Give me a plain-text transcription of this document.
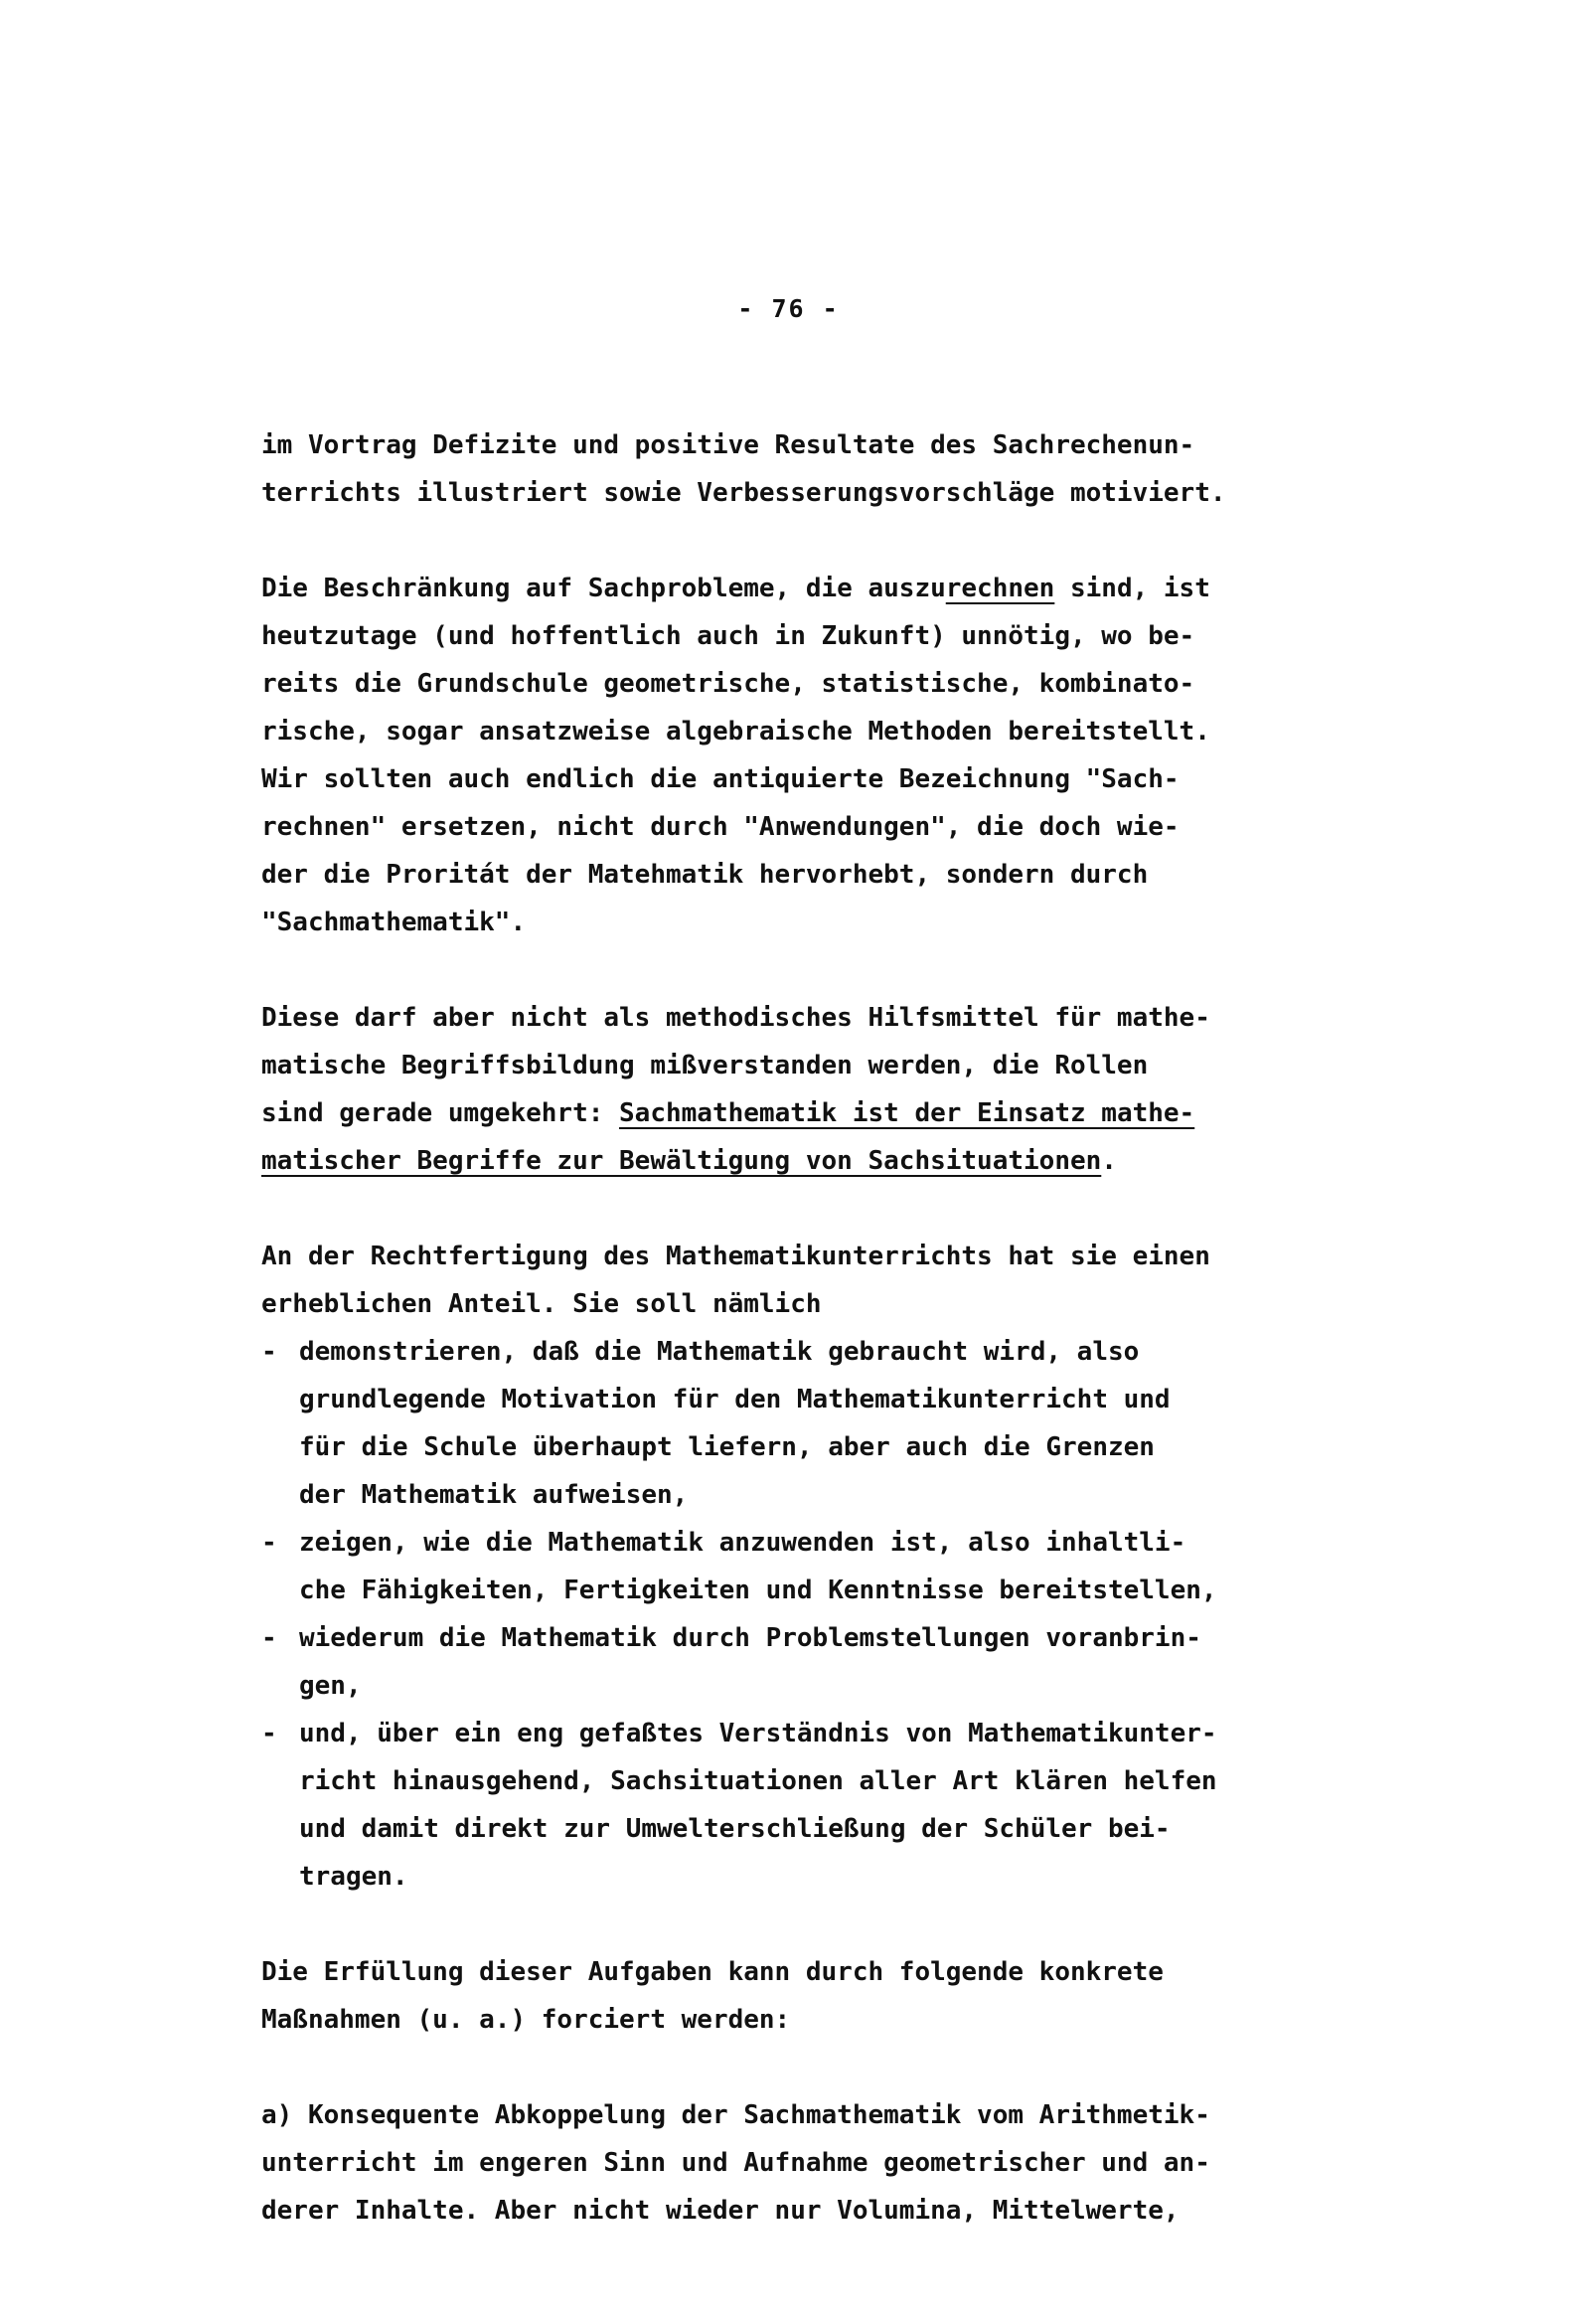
- 76 -
im Vortrag Defizite und positive Resultate des Sachrechenun-
terrichts illustriert sowie Verbesserungsvorschläge motiviert.
Die Beschränkung auf Sachprobleme, die auszurechnen sind, ist
heutzutage (und hoffentlich auch in Zukunft) unnötig, wo be-
reits die Grundschule geometrische, statistische, kombinato-
rische, sogar ansatzweise algebraische Methoden bereitstellt.
Wir sollten auch endlich die antiquierte Bezeichnung "Sach-
rechnen" ersetzen, nicht durch "Anwendungen", die doch wie-
der die Proritát der Matehmatik hervorhebt, sondern durch
"Sachmathematik".
Diese darf aber nicht als methodisches Hilfsmittel für mathe-
matische Begriffsbildung mißverstanden werden, die Rollen
sind gerade umgekehrt: Sachmathematik ist der Einsatz mathe-
matischer Begriffe zur Bewältigung von Sachsituationen.
An der Rechtfertigung des Mathematikunterrichts hat sie einen
erheblichen Anteil. Sie soll nämlich
- demonstrieren, daß die Mathematik gebraucht wird, also
grundlegende Motivation für den Mathematikunterricht und
für die Schule überhaupt liefern, aber auch die Grenzen
der Mathematik aufweisen,
- zeigen, wie die Mathematik anzuwenden ist, also inhaltli-
che Fähigkeiten, Fertigkeiten und Kenntnisse bereitstellen,
- wiederum die Mathematik durch Problemstellungen voranbrin-
gen,
- und, über ein eng gefaßtes Verständnis von Mathematikunter-
richt hinausgehend, Sachsituationen aller Art klären helfen
und damit direkt zur Umwelterschließung der Schüler bei-
tragen.
Die Erfüllung dieser Aufgaben kann durch folgende konkrete
Maßnahmen (u. a.) forciert werden:
a) Konsequente Abkoppelung der Sachmathematik vom Arithmetik-
unterricht im engeren Sinn und Aufnahme geometrischer und an-
derer Inhalte. Aber nicht wieder nur Volumina, Mittelwerte,
